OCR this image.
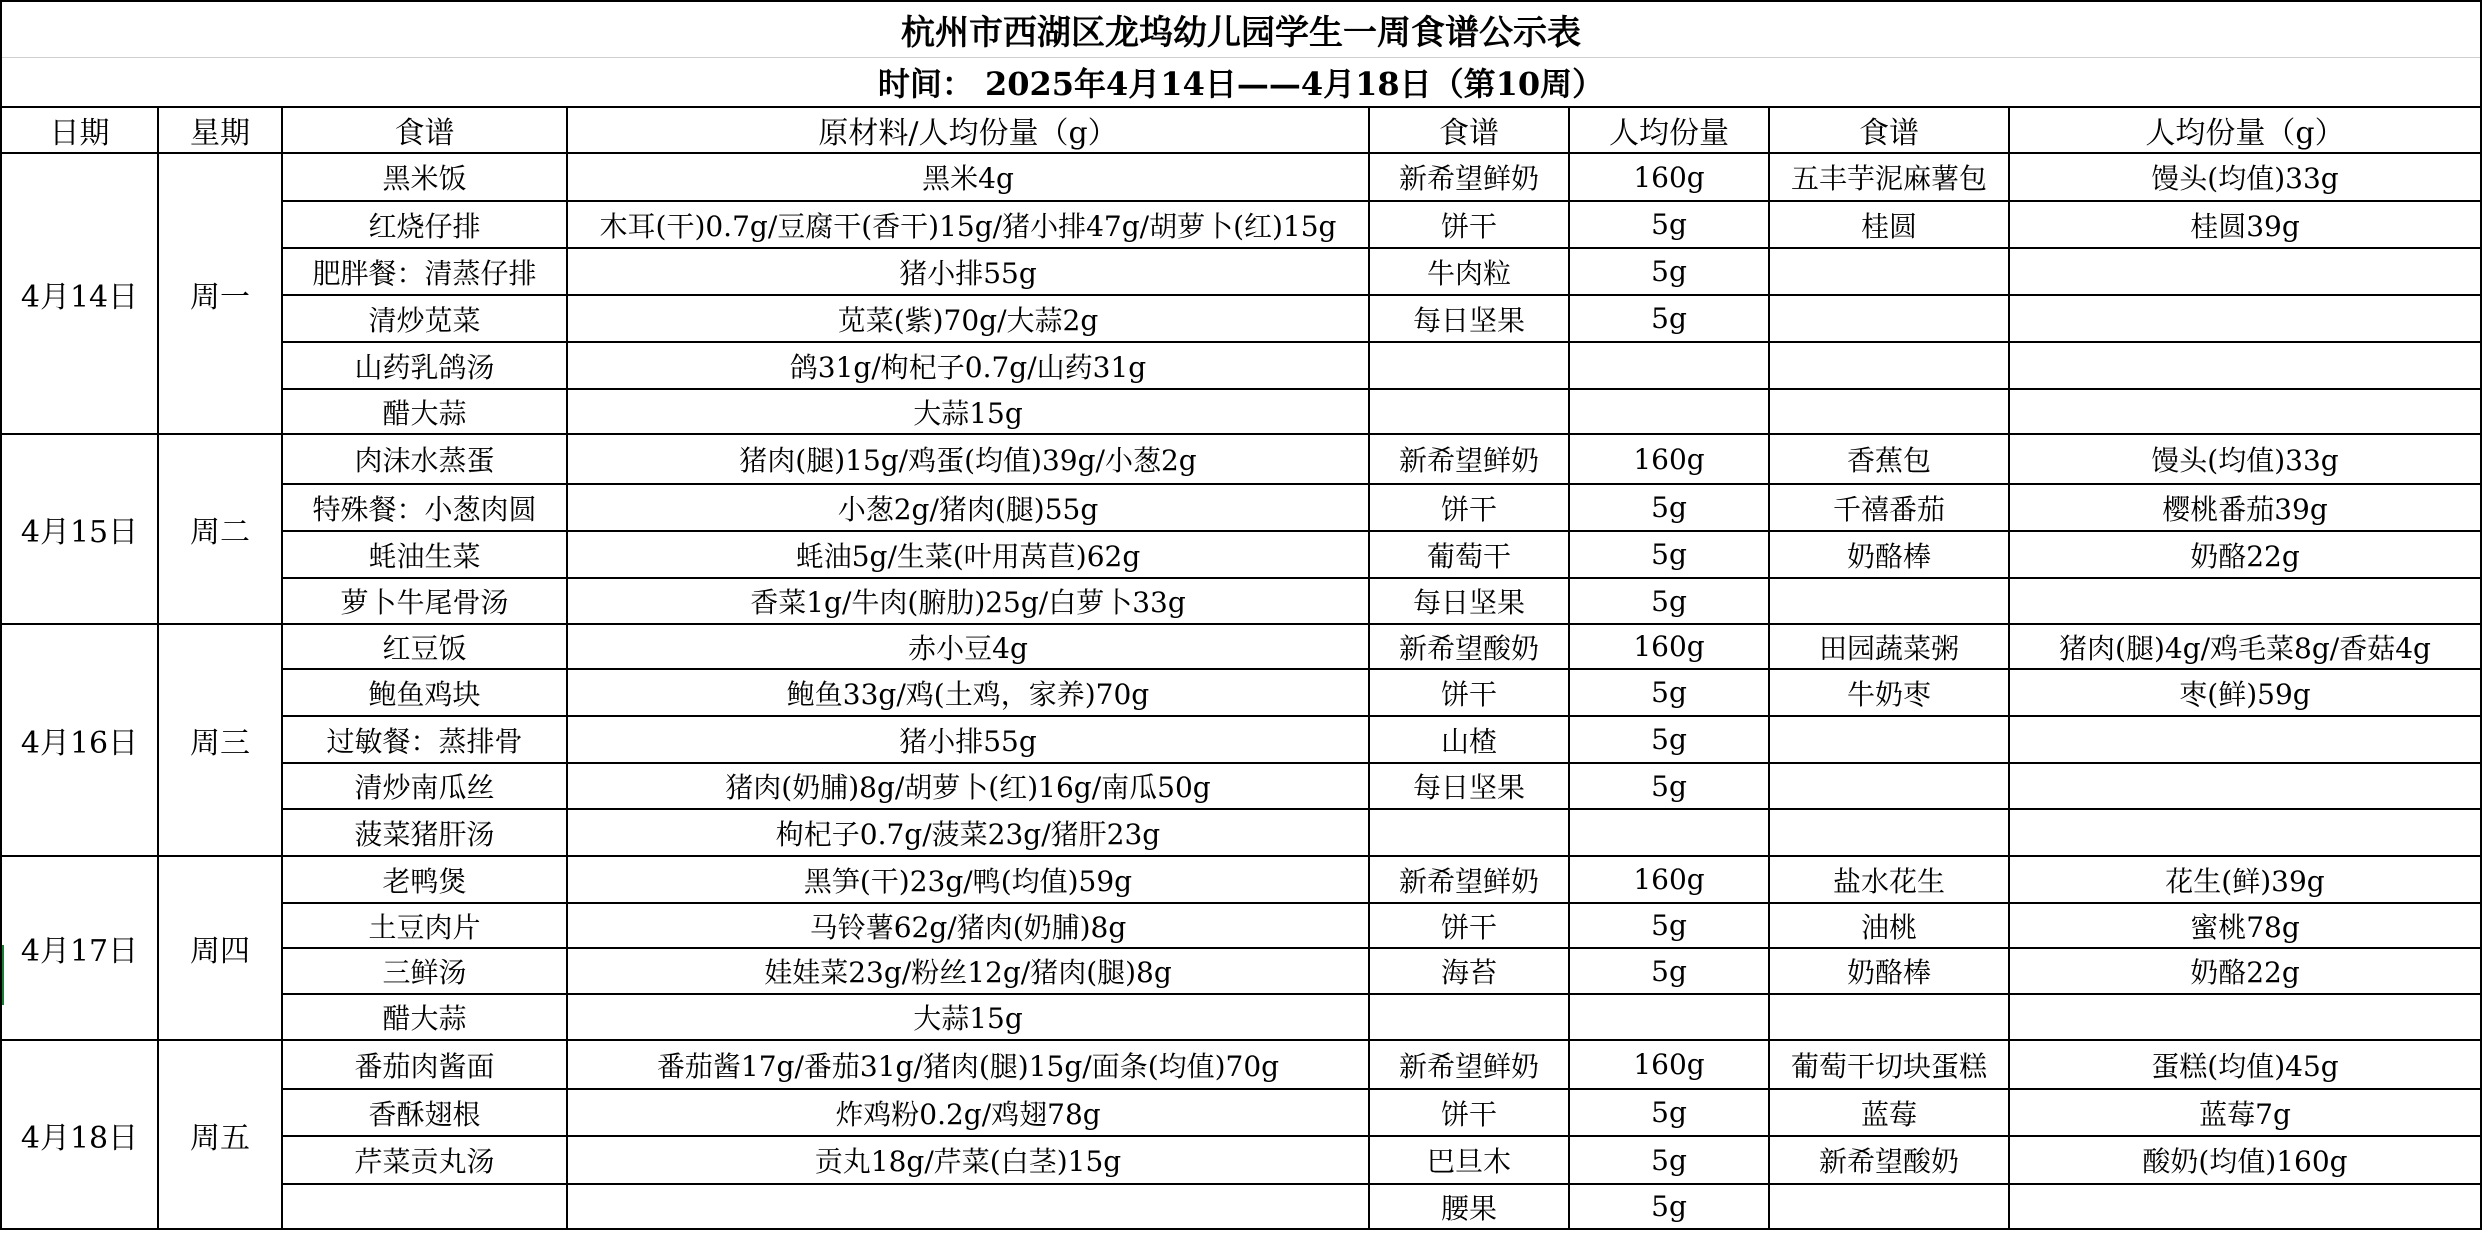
杭州市西湖区龙坞幼儿园学生一周食谱公示表							
时间： 2025年4月14日——4月18日（第10周）							
日期	星期	食谱	原材料/人均份量（g）	食谱	人均份量	食谱	人均份量（g）
4月14日	周一	黑米饭	黑米4g	新希望鲜奶	160g	五丰芋泥麻薯包	馒头(均值)33g
		红烧仔排	木耳(干)0.7g/豆腐干(香干)15g/猪小排47g/胡萝卜(红)15g	饼干	5g	桂圆	桂圆39g
		肥胖餐：清蒸仔排	猪小排55g	牛肉粒	5g		
		清炒苋菜	苋菜(紫)70g/大蒜2g	每日坚果	5g		
		山药乳鸽汤	鸽31g/枸杞子0.7g/山药31g				
		醋大蒜	大蒜15g				
4月15日	周二	肉沫水蒸蛋	猪肉(腿)15g/鸡蛋(均值)39g/小葱2g	新希望鲜奶	160g	香蕉包	馒头(均值)33g
		特殊餐：小葱肉圆	小葱2g/猪肉(腿)55g	饼干	5g	千禧番茄	樱桃番茄39g
		蚝油生菜	蚝油5g/生菜(叶用莴苣)62g	葡萄干	5g	奶酪棒	奶酪22g
		萝卜牛尾骨汤	香菜1g/牛肉(腑肋)25g/白萝卜33g	每日坚果	5g		
4月16日	周三	红豆饭	赤小豆4g	新希望酸奶	160g	田园蔬菜粥	猪肉(腿)4g/鸡毛菜8g/香菇4g
		鲍鱼鸡块	鲍鱼33g/鸡(土鸡，家养)70g	饼干	5g	牛奶枣	枣(鲜)59g
		过敏餐：蒸排骨	猪小排55g	山楂	5g		
		清炒南瓜丝	猪肉(奶脯)8g/胡萝卜(红)16g/南瓜50g	每日坚果	5g		
		菠菜猪肝汤	枸杞子0.7g/菠菜23g/猪肝23g				
4月17日	周四	老鸭煲	黑笋(干)23g/鸭(均值)59g	新希望鲜奶	160g	盐水花生	花生(鲜)39g
		土豆肉片	马铃薯62g/猪肉(奶脯)8g	饼干	5g	油桃	蜜桃78g
		三鲜汤	娃娃菜23g/粉丝12g/猪肉(腿)8g	海苔	5g	奶酪棒	奶酪22g
		醋大蒜	大蒜15g				
4月18日	周五	番茄肉酱面	番茄酱17g/番茄31g/猪肉(腿)15g/面条(均值)70g	新希望鲜奶	160g	葡萄干切块蛋糕	蛋糕(均值)45g
		香酥翅根	炸鸡粉0.2g/鸡翅78g	饼干	5g	蓝莓	蓝莓7g
		芹菜贡丸汤	贡丸18g/芹菜(白茎)15g	巴旦木	5g	新希望酸奶	酸奶(均值)160g
				腰果	5g		
